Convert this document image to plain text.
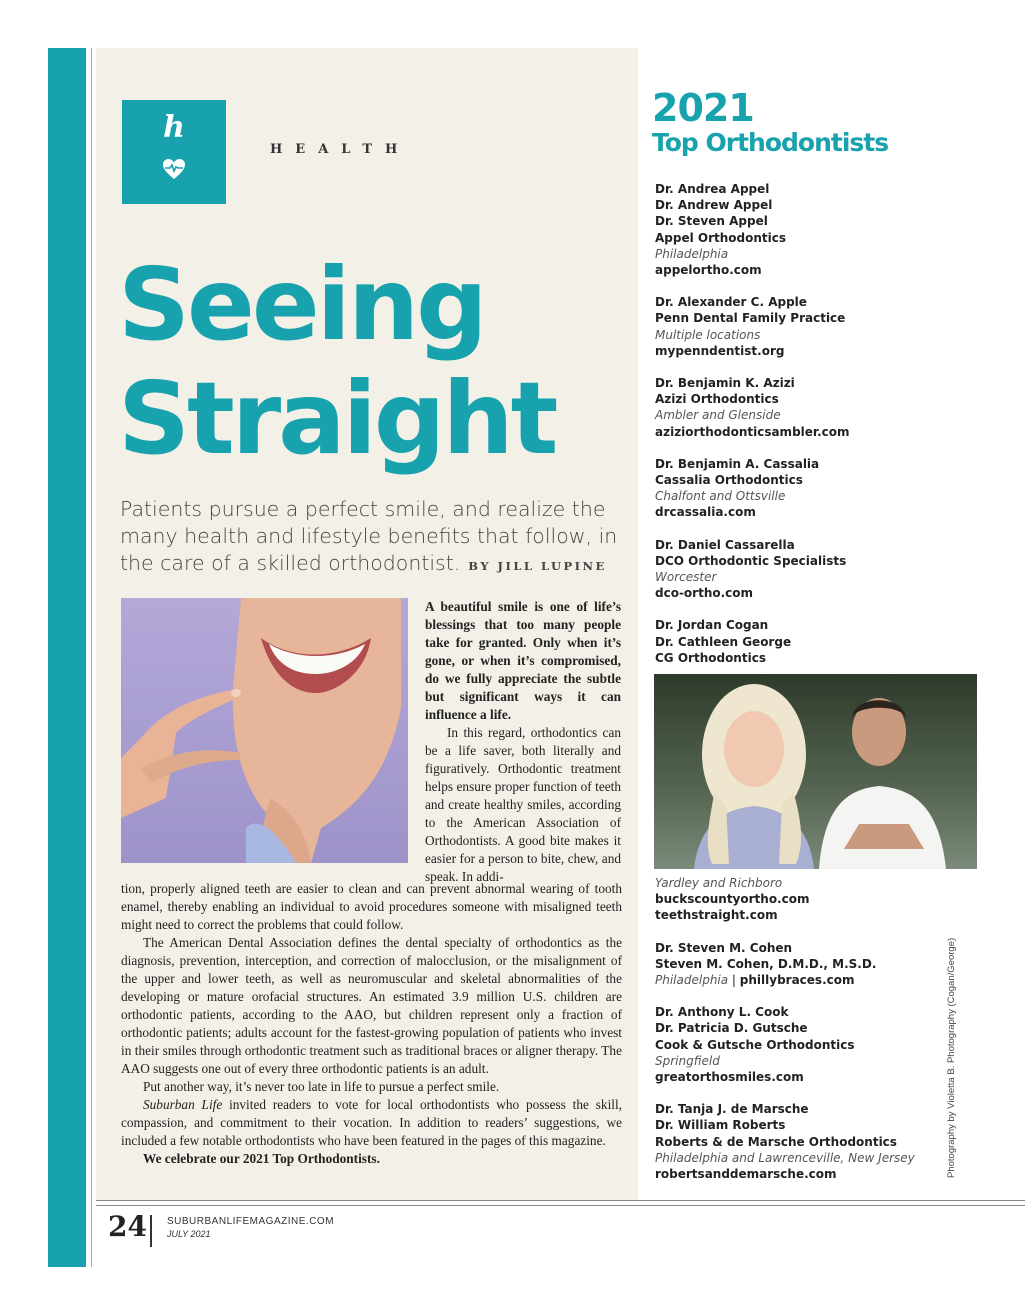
h
HEALTH
Seeing
Straight
Patients pursue a perfect smile, and realize the many health and lifestyle benefits that follow, in the care of a skilled orthodontist. BY JILL LUPINE

A beautiful smile is one of life’s blessings that too many people take for granted. Only when it’s gone, or when it’s compromised, do we fully appreciate the subtle but significant ways it can influence a life.

In this regard, orthodontics can be a life saver, both literally and figuratively. Orthodontic treatment helps ensure proper function of teeth and create healthy smiles, according to the American Association of Orthodontists. A good bite makes it easier for a person to bite, chew, and speak. In addi-

tion, properly aligned teeth are easier to clean and can prevent abnormal wearing of tooth enamel, thereby enabling an individual to avoid procedures someone with misaligned teeth might need to correct the problems that could follow.

The American Dental Association defines the dental specialty of orthodontics as the diagnosis, prevention, interception, and correction of malocclusion, or the misalignment of the upper and lower teeth, as well as neuromuscular and skeletal abnormalities of the developing or mature orofacial structures. An estimated 3.9 million U.S. children are orthodontic patients, according to the AAO, but children represent only a fraction of orthodontic patients; adults account for the fastest-growing population of patients who invest in their smiles through orthodontic treatment such as traditional braces or aligner therapy. The AAO suggests one out of every three orthodontic patients is an adult.

Put another way, it’s never too late in life to pursue a perfect smile.

Suburban Life invited readers to vote for local orthodontists who possess the skill, compassion, and commitment to their vocation. In addition to readers’ suggestions, we included a few notable orthodontists who have been featured in the pages of this magazine.

We celebrate our 2021 Top Orthodontists.

2021
Top Orthodontists
Dr. Andrea Appel
Dr. Andrew Appel
Dr. Steven Appel
Appel Orthodontics
Philadelphia
appelortho.com
Dr. Alexander C. Apple
Penn Dental Family Practice
Multiple locations
mypenndentist.org
Dr. Benjamin K. Azizi
Azizi Orthodontics
Ambler and Glenside
aziziorthodonticsambler.com
Dr. Benjamin A. Cassalia
Cassalia Orthodontics
Chalfont and Ottsville
drcassalia.com
Dr. Daniel Cassarella
DCO Orthodontic Specialists
Worcester
dco-ortho.com
Dr. Jordan Cogan
Dr. Cathleen George
CG Orthodontics
Yardley and Richboro
buckscountyortho.com
teethstraight.com
Dr. Steven M. Cohen
Steven M. Cohen, D.M.D., M.S.D.
Philadelphia | phillybraces.com
Dr. Anthony L. Cook
Dr. Patricia D. Gutsche
Cook & Gutsche Orthodontics
Springfield
greatorthosmiles.com
Dr. Tanja J. de Marsche
Dr. William Roberts
Roberts & de Marsche Orthodontics
Philadelphia and Lawrenceville, New Jersey
robertsanddemarsche.com	Photography by Violetta B. Photography (Cogan/George)
24 SUBURBANLIFEMAGAZINE.COM
JULY 2021
